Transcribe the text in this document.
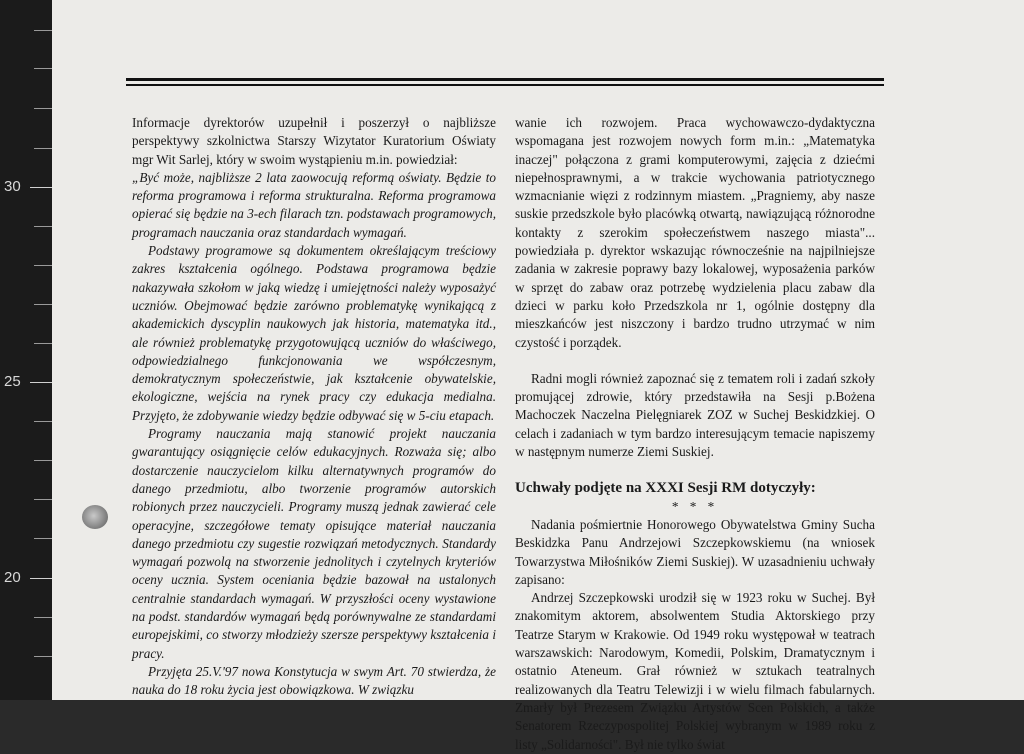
30
25
20

Informacje dyrektorów uzupełnił i poszerzył o najbliższe perspektywy szkolnictwa Starszy Wizytator Kuratorium Oświaty mgr Wit Sarlej, który w swoim wystąpieniu m.in. powiedział:

„Być może, najbliższe 2 lata zaowocują reformą oświaty. Będzie to reforma programowa i reforma strukturalna. Reforma programowa opierać się będzie na 3-ech filarach tzn. podstawach programowych, programach nauczania oraz standardach wymagań.

Podstawy programowe są dokumentem określającym treściowy zakres kształcenia ogólnego. Podstawa programowa będzie nakazywała szkołom w jaką wiedzę i umiejętności należy wyposażyć uczniów. Obejmować będzie zarówno problematykę wynikającą z akademickich dyscyplin naukowych jak historia, matematyka itd., ale również problematykę przygotowującą uczniów do właściwego, odpowiedzialnego funkcjonowania we współczesnym, demokratycznym społeczeństwie, jak kształcenie obywatelskie, ekologiczne, wejścia na rynek pracy czy edukacja medialna. Przyjęto, że zdobywanie wiedzy będzie odbywać się w 5-ciu etapach.

Programy nauczania mają stanowić projekt nauczania gwarantujący osiągnięcie celów edukacyjnych. Rozważa się; albo dostarczenie nauczycielom kilku alternatywnych programów do danego przedmiotu, albo tworzenie programów autorskich robionych przez nauczycieli. Programy muszą jednak zawierać cele operacyjne, szczegółowe tematy opisujące materiał nauczania danego przedmiotu czy sugestie rozwiązań metodycznych. Standardy wymagań pozwolą na stworzenie jednolitych i czytelnych kryteriów oceny ucznia. System oceniania będzie bazował na ustalonych centralnie standardach wymagań. W przyszłości oceny wystawione na podst. standardów wymagań będą porównywalne ze standardami europejskimi, co stworzy młodzieży szersze perspektywy kształcenia i pracy.

Przyjęta 25.V.'97 nowa Konstytucja w swym Art. 70 stwierdza, że nauka do 18 roku życia jest obowiązkowa. W związku

wanie ich rozwojem. Praca wychowawczo-dydaktyczna wspomagana jest rozwojem nowych form m.in.: „Matematyka inaczej" połączona z grami komputerowymi, zajęcia z dziećmi niepełnosprawnymi, a w trakcie wychowania patriotycznego wzmacnianie więzi z rodzinnym miastem. „Pragniemy, aby nasze suskie przedszkole było placówką otwartą, nawiązującą różnorodne kontakty z szerokim społeczeństwem naszego miasta"... powiedziała p. dyrektor wskazując równocześnie na najpilniejsze zadania w zakresie poprawy bazy lokalowej, wyposażenia parków w sprzęt do zabaw oraz potrzebę wydzielenia placu zabaw dla dzieci w parku koło Przedszkola nr 1, ogólnie dostępny dla mieszkańców jest niszczony i bardzo trudno utrzymać w nim czystość i porządek.

Radni mogli również zapoznać się z tematem roli i zadań szkoły promującej zdrowie, który przedstawiła na Sesji p.Bożena Machoczek Naczelna Pielęgniarek ZOZ w Suchej Beskidzkiej. O celach i zadaniach w tym bardzo interesującym temacie napiszemy w następnym numerze Ziemi Suskiej.

Uchwały podjęte na XXXI Sesji RM dotyczyły:

* * *

Nadania pośmiertnie Honorowego Obywatelstwa Gminy Sucha Beskidzka Panu Andrzejowi Szczepkowskiemu (na wniosek Towarzystwa Miłośników Ziemi Suskiej). W uzasadnieniu uchwały zapisano:

Andrzej Szczepkowski urodził się w 1923 roku w Suchej. Był znakomitym aktorem, absolwentem Studia Aktorskiego przy Teatrze Starym w Krakowie. Od 1949 roku występował w teatrach warszawskich: Narodowym, Komedii, Polskim, Dramatycznym i ostatnio Ateneum. Grał również w sztukach teatralnych realizowanych dla Teatru Telewizji i w wielu filmach fabularnych. Zmarły był Prezesem Związku Artystów Scen Polskich, a także Senatorem Rzeczypospolitej Polskiej wybranym w 1989 roku z listy „Solidarności". Był nie tylko świat
